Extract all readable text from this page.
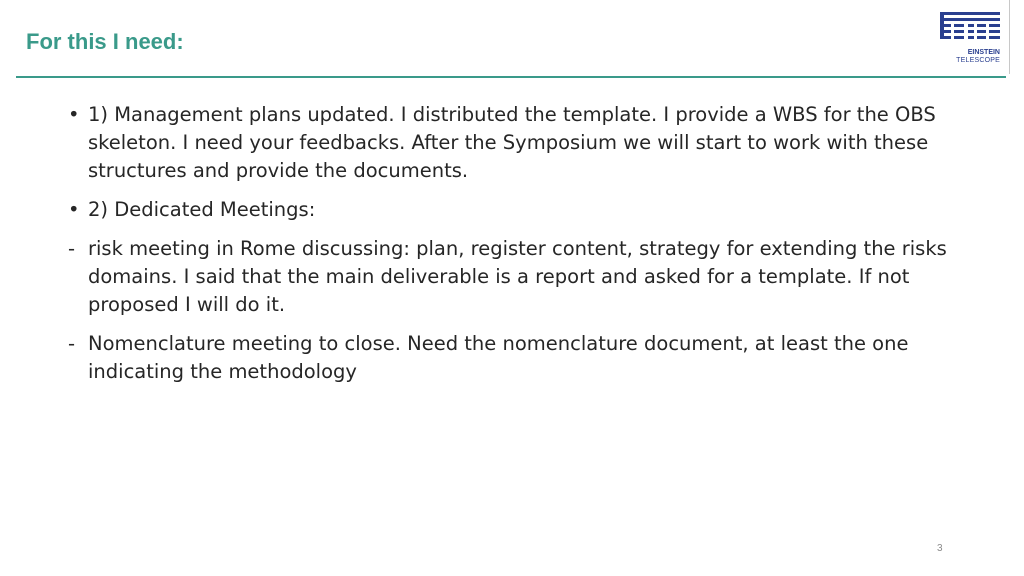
For this I need:	EINSTEIN
TELESCOPE
• 1) Management plans updated. I distributed the template. I provide a WBS for the OBS skeleton. I need your feedbacks. After the Symposium we will start to work with these structures and provide the documents.
• 2) Dedicated Meetings:
- risk meeting in Rome discussing: plan, register content, strategy for extending the risks domains. I said that the main deliverable is a report and asked for a template. If not proposed I will do it.
- Nomenclature meeting to close. Need the nomenclature document, at least the one indicating the methodology
3
